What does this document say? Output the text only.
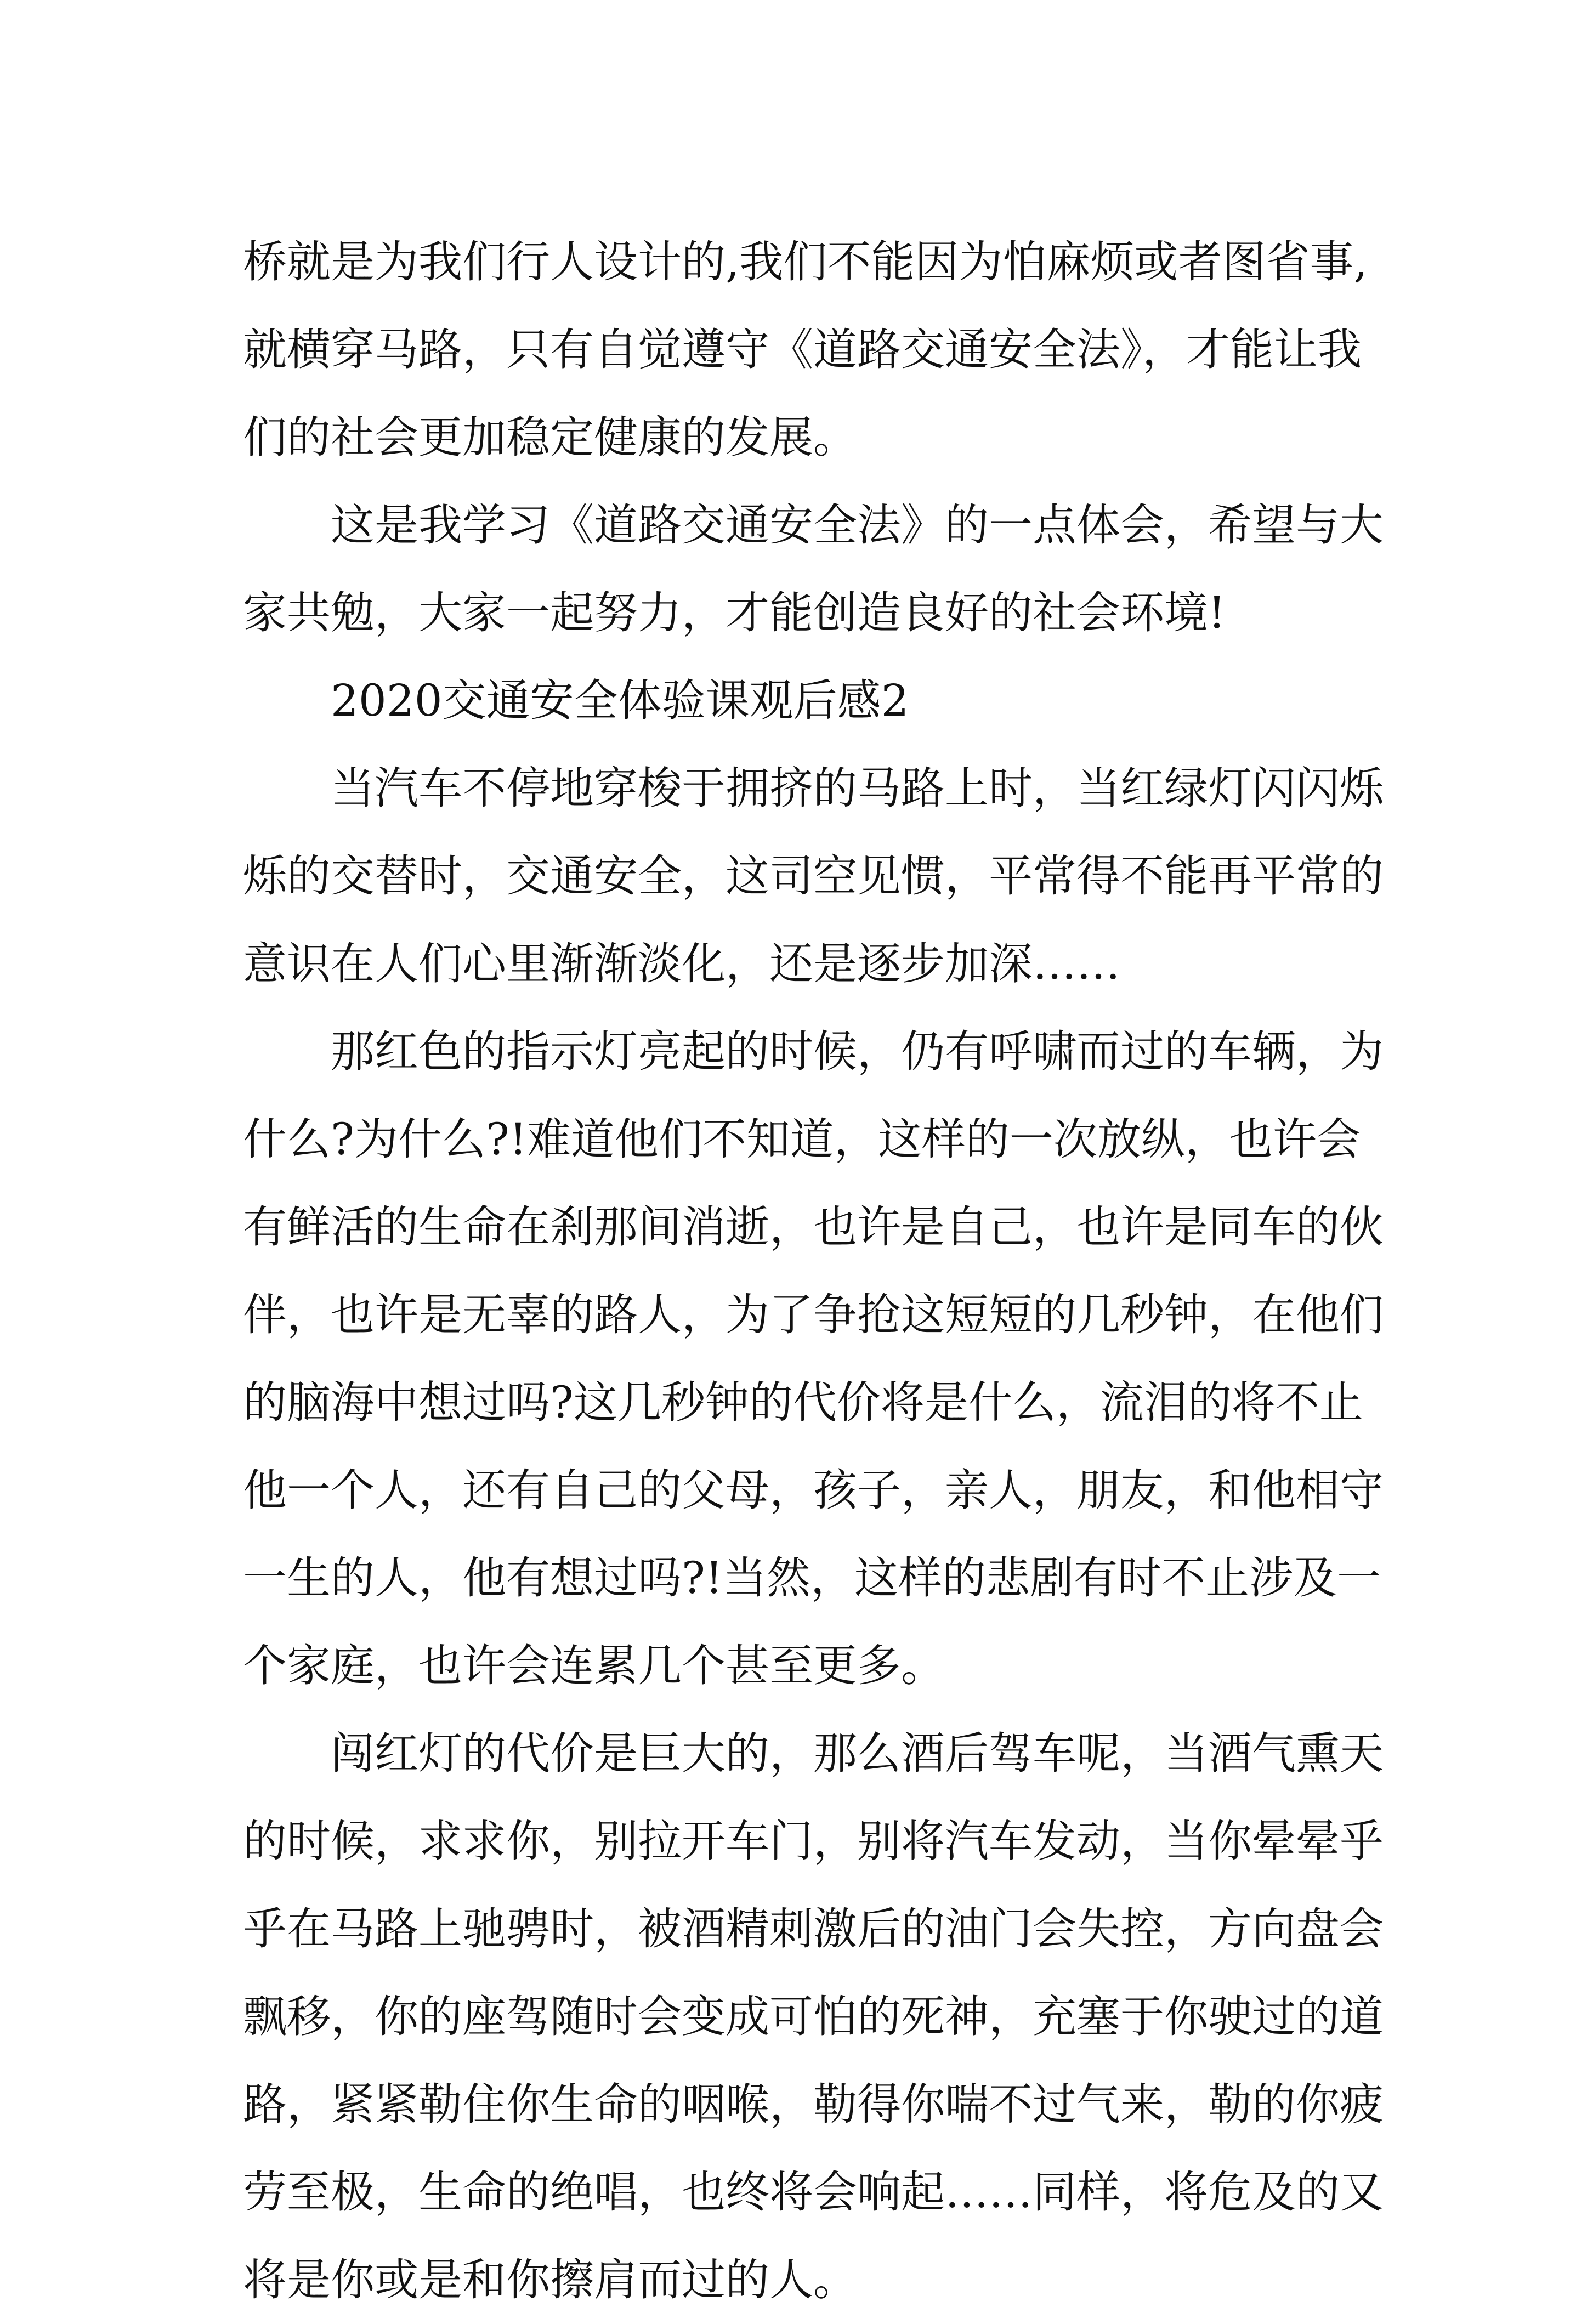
桥就是为我们行人设计的,我们不能因为怕麻烦或者图省事,
就横穿马路，只有自觉遵守《道路交通安全法》，才能让我
们的社会更加稳定健康的发展。
这是我学习《道路交通安全法》的一点体会，希望与大
家共勉，大家一起努力，才能创造良好的社会环境!
2020交通安全体验课观后感2
当汽车不停地穿梭于拥挤的马路上时，当红绿灯闪闪烁
烁的交替时，交通安全，这司空见惯，平常得不能再平常的
意识在人们心里渐渐淡化，还是逐步加深……
那红色的指示灯亮起的时候，仍有呼啸而过的车辆，为
什么?为什么?!难道他们不知道，这样的一次放纵，也许会
有鲜活的生命在刹那间消逝，也许是自己，也许是同车的伙
伴，也许是无辜的路人，为了争抢这短短的几秒钟，在他们
的脑海中想过吗?这几秒钟的代价将是什么，流泪的将不止
他一个人，还有自己的父母，孩子，亲人，朋友，和他相守
一生的人，他有想过吗?!当然，这样的悲剧有时不止涉及一
个家庭，也许会连累几个甚至更多。
闯红灯的代价是巨大的，那么酒后驾车呢，当酒气熏天
的时候，求求你，别拉开车门，别将汽车发动，当你晕晕乎
乎在马路上驰骋时，被酒精刺激后的油门会失控，方向盘会
飘移，你的座驾随时会变成可怕的死神，充塞于你驶过的道
路，紧紧勒住你生命的咽喉，勒得你喘不过气来，勒的你疲
劳至极，生命的绝唱，也终将会响起……同样，将危及的又
将是你或是和你擦肩而过的人。
